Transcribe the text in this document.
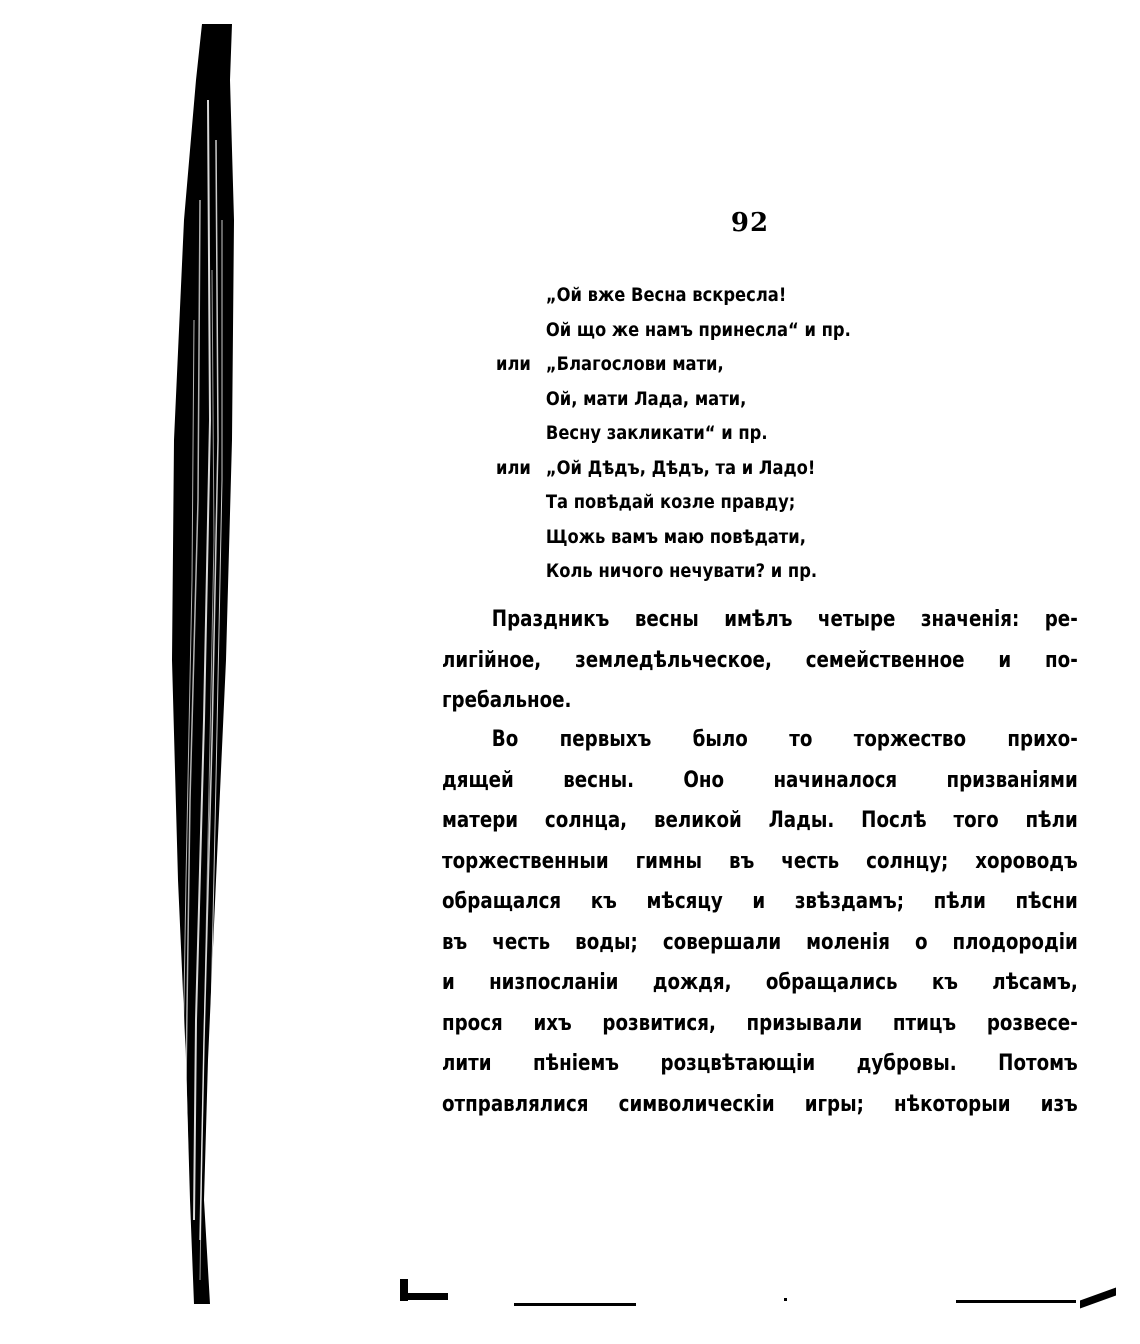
92
„Ой вже Весна вскресла!
Ой що же намъ принесла“ и пр.
или „Благослови мати,
Ой, мати Лада, мати,
Весну закликати“ и пр.
или „Ой Дѣдъ, Дѣдъ, та и Ладо!
Та повѣдай козле правду;
Щожь вамъ маю повѣдати,
Коль ничого нечувати? и пр.
Праздникъ весны имѣлъ четыре значенія: ре-
лигійное, земледѣльческое, семейственное и по-
гребальное.
Во первыхъ было то торжество прихо-
дящей весны. Оно начиналося призваніями
матери солнца, великой Лады. Послѣ того пѣли
торжественныи гимны въ честь солнцу; хороводъ
обращался къ мѣсяцу и звѣздамъ; пѣли пѣсни
въ честь воды; совершали моленія о плодородіи
и низпосланіи дождя, обращались къ лѣсамъ,
прося ихъ розвитися, призывали птицъ розвесе-
лити пѣніемъ розцвѣтающіи дубровы. Потомъ
отправлялися символическіи игры; нѣкоторыи изъ
